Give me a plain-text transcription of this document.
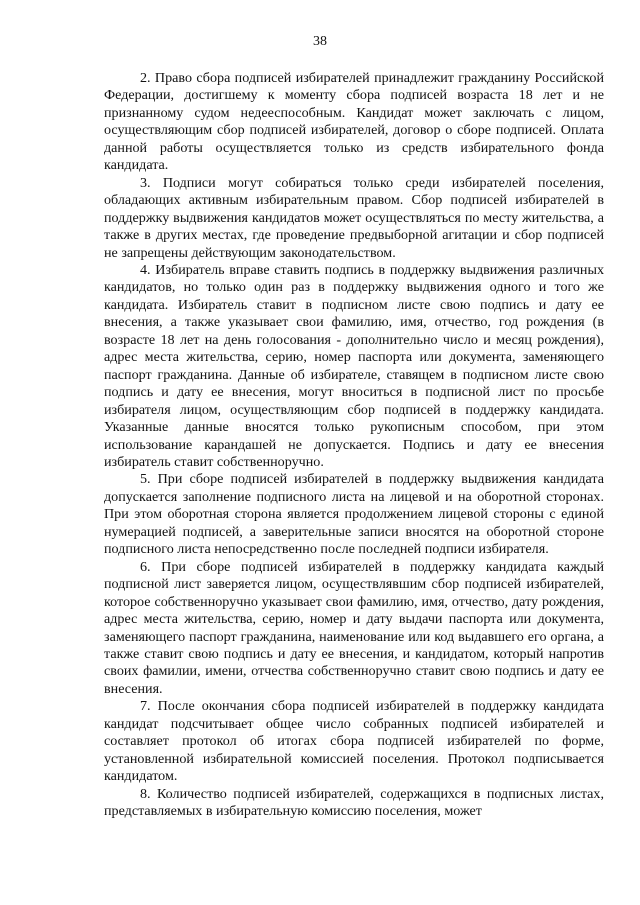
38

2. Право сбора подписей избирателей принадлежит гражданину Российской Федерации, достигшему к моменту сбора подписей возраста 18 лет и не признанному судом недееспособным. Кандидат может заключать с лицом, осуществляющим сбор подписей избирателей, договор о сборе подписей. Оплата данной работы осуществляется только из средств избирательного фонда кандидата.

3. Подписи могут собираться только среди избирателей поселения, обладающих активным избирательным правом. Сбор подписей избирателей в поддержку выдвижения кандидатов может осуществляться по месту жительства, а также в других местах, где проведение предвыборной агитации и сбор подписей не запрещены действующим законодательством.

4. Избиратель вправе ставить подпись в поддержку выдвижения различных кандидатов, но только один раз в поддержку выдвижения одного и того же кандидата. Избиратель ставит в подписном листе свою подпись и дату ее внесения, а также указывает свои фамилию, имя, отчество, год рождения (в возрасте 18 лет на день голосования - дополнительно число и месяц рождения), адрес места жительства, серию, номер паспорта или документа, заменяющего паспорт гражданина. Данные об избирателе, ставящем в подписном листе свою подпись и дату ее внесения, могут вноситься в подписной лист по просьбе избирателя лицом, осуществляющим сбор подписей в поддержку кандидата. Указанные данные вносятся только рукописным способом, при этом использование карандашей не допускается. Подпись и дату ее внесения избиратель ставит собственноручно.

5. При сборе подписей избирателей в поддержку выдвижения кандидата допускается заполнение подписного листа на лицевой и на оборотной сторонах. При этом оборотная сторона является продолжением лицевой стороны с единой нумерацией подписей, а заверительные записи вносятся на оборотной стороне подписного листа непосредственно после последней подписи избирателя.

6. При сборе подписей избирателей в поддержку кандидата каждый подписной лист заверяется лицом, осуществлявшим сбор подписей избирателей, которое собственноручно указывает свои фамилию, имя, отчество, дату рождения, адрес места жительства, серию, номер и дату выдачи паспорта или документа, заменяющего паспорт гражданина, наименование или код выдавшего его органа, а также ставит свою подпись и дату ее внесения, и кандидатом, который напротив своих фамилии, имени, отчества собственноручно ставит свою подпись и дату ее внесения.

7. После окончания сбора подписей избирателей в поддержку кандидата кандидат подсчитывает общее число собранных подписей избирателей и составляет протокол об итогах сбора подписей избирателей по форме, установленной избирательной комиссией поселения. Протокол подписывается кандидатом.

8. Количество подписей избирателей, содержащихся в подписных листах, представляемых в избирательную комиссию поселения, может
